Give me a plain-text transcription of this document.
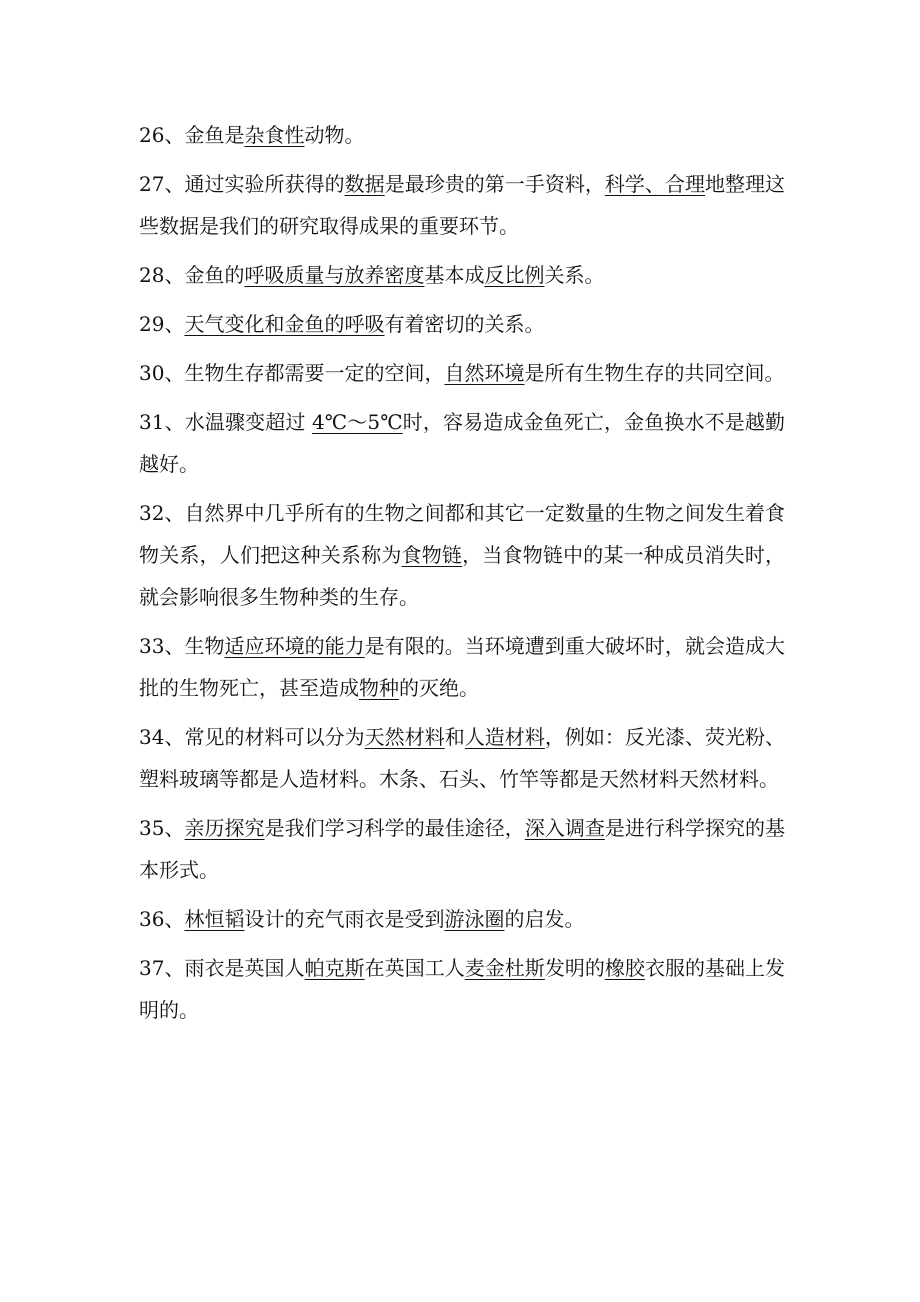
26、金鱼是杂食性动物。

27、通过实验所获得的数据是最珍贵的第一手资料，科学、合理地整理这些数据是我们的研究取得成果的重要环节。

28、金鱼的呼吸质量与放养密度基本成反比例关系。

29、天气变化和金鱼的呼吸有着密切的关系。

30、生物生存都需要一定的空间，自然环境是所有生物生存的共同空间。

31、水温骤变超过 4℃～5℃时，容易造成金鱼死亡，金鱼换水不是越勤越好。

32、自然界中几乎所有的生物之间都和其它一定数量的生物之间发生着食物关系，人们把这种关系称为食物链，当食物链中的某一种成员消失时，就会影响很多生物种类的生存。

33、生物适应环境的能力是有限的。当环境遭到重大破坏时，就会造成大批的生物死亡，甚至造成物种的灭绝。

34、常见的材料可以分为天然材料和人造材料，例如：反光漆、荧光粉、塑料玻璃等都是人造材料。木条、石头、竹竿等都是天然材料天然材料。

35、亲历探究是我们学习科学的最佳途径，深入调查是进行科学探究的基本形式。

36、林恒韬设计的充气雨衣是受到游泳圈的启发。

37、雨衣是英国人帕克斯在英国工人麦金杜斯发明的橡胶衣服的基础上发明的。
